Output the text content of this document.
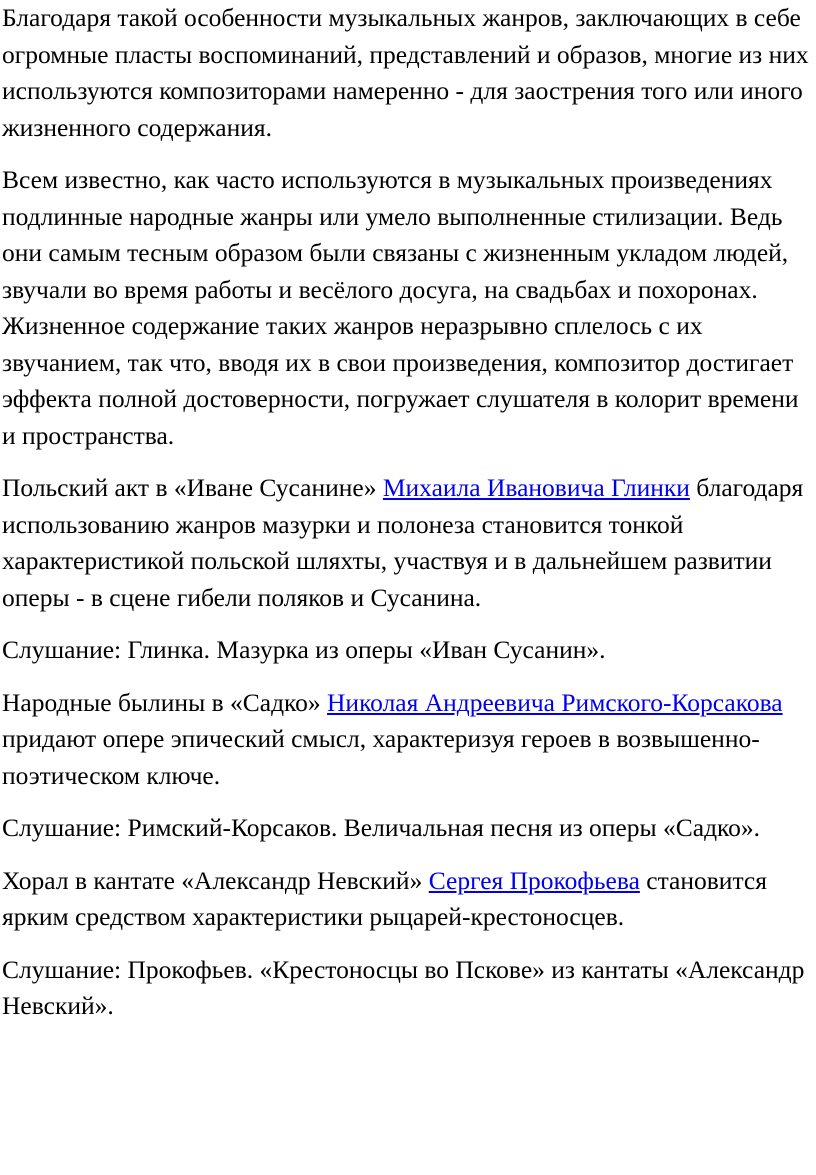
Благодаря такой особенности музыкальных жанров, заключающих в себе огромные пласты воспоминаний, представлений и образов, многие из них используются композиторами намеренно - для заострения того или иного жизненного содержания.

Всем известно, как часто используются в музыкальных произведениях подлинные народные жанры или умело выполненные стилизации. Ведь они самым тесным образом были связаны с жизненным укладом людей, звучали во время работы и весёлого досуга, на свадьбах и похоронах. Жизненное содержание таких жанров неразрывно сплелось с их звучанием, так что, вводя их в свои произведения, композитор достигает эффекта полной достоверности, погружает слушателя в колорит времени и пространства.

Польский акт в «Иване Сусанине» Михаила Ивановича Глинки благодаря использованию жанров мазурки и полонеза становится тонкой характеристикой польской шляхты, участвуя и в дальнейшем развитии оперы - в сцене гибели поляков и Сусанина.

Слушание: Глинка. Мазурка из оперы «Иван Сусанин».

Народные былины в «Садко» Николая Андреевича Римского-Корсакова придают опере эпический смысл, характеризуя героев в возвышенно-поэтическом ключе.

Слушание: Римский-Корсаков. Величальная песня из оперы «Садко».

Хорал в кантате «Александр Невский» Сергея Прокофьева становится ярким средством характеристики рыцарей-крестоносцев.

Слушание: Прокофьев. «Крестоносцы во Пскове» из кантаты «Александр Невский».
